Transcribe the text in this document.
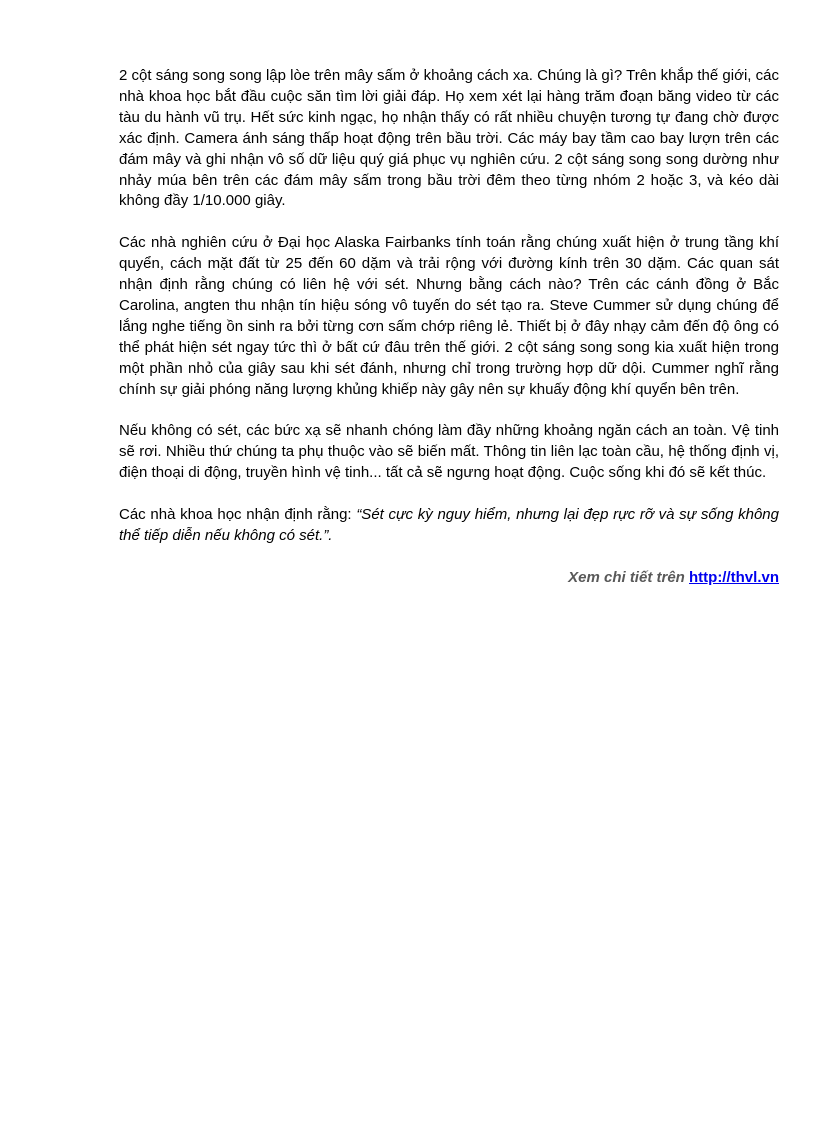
2 cột sáng song song lập lòe trên mây sấm ở khoảng cách xa. Chúng là gì? Trên khắp thế giới, các nhà khoa học bắt đầu cuộc săn tìm lời giải đáp. Họ xem xét lại hàng trăm đoạn băng video từ các tàu du hành vũ trụ. Hết sức kinh ngạc, họ nhận thấy có rất nhiều chuyện tương tự đang chờ được xác định. Camera ánh sáng thấp hoạt động trên bầu trời. Các máy bay tầm cao bay lượn trên các đám mây và ghi nhận vô số dữ liệu quý giá phục vụ nghiên cứu. 2 cột sáng song song dường như nhảy múa bên trên các đám mây sấm trong bầu trời đêm theo từng nhóm 2 hoặc 3, và kéo dài không đầy 1/10.000 giây.

Các nhà nghiên cứu ở Đại học Alaska Fairbanks tính toán rằng chúng xuất hiện ở trung tầng khí quyển, cách mặt đất từ 25 đến 60 dặm và trải rộng với đường kính trên 30 dặm. Các quan sát nhận định rằng chúng có liên hệ với sét. Nhưng bằng cách nào? Trên các cánh đồng ở Bắc Carolina, angten thu nhận tín hiệu sóng vô tuyến do sét tạo ra. Steve Cummer sử dụng chúng để lắng nghe tiếng ồn sinh ra bởi từng cơn sấm chớp riêng lẻ. Thiết bị ở đây nhạy cảm đến độ ông có thể phát hiện sét ngay tức thì ở bất cứ đâu trên thế giới. 2 cột sáng song song kia xuất hiện trong một phần nhỏ của giây sau khi sét đánh, nhưng chỉ trong trường hợp dữ dội. Cummer nghĩ rằng chính sự giải phóng năng lượng khủng khiếp này gây nên sự khuấy động khí quyển bên trên.

Nếu không có sét, các bức xạ sẽ nhanh chóng làm đầy những khoảng ngăn cách an toàn. Vệ tinh sẽ rơi. Nhiều thứ chúng ta phụ thuộc vào sẽ biến mất. Thông tin liên lạc toàn cầu, hệ thống định vị, điện thoại di động, truyền hình vệ tinh... tất cả sẽ ngưng hoạt động. Cuộc sống khi đó sẽ kết thúc.

Các nhà khoa học nhận định rằng: “Sét cực kỳ nguy hiểm, nhưng lại đẹp rực rỡ và sự sống không thể tiếp diễn nếu không có sét.”.

Xem chi tiết trên http://thvl.vn
